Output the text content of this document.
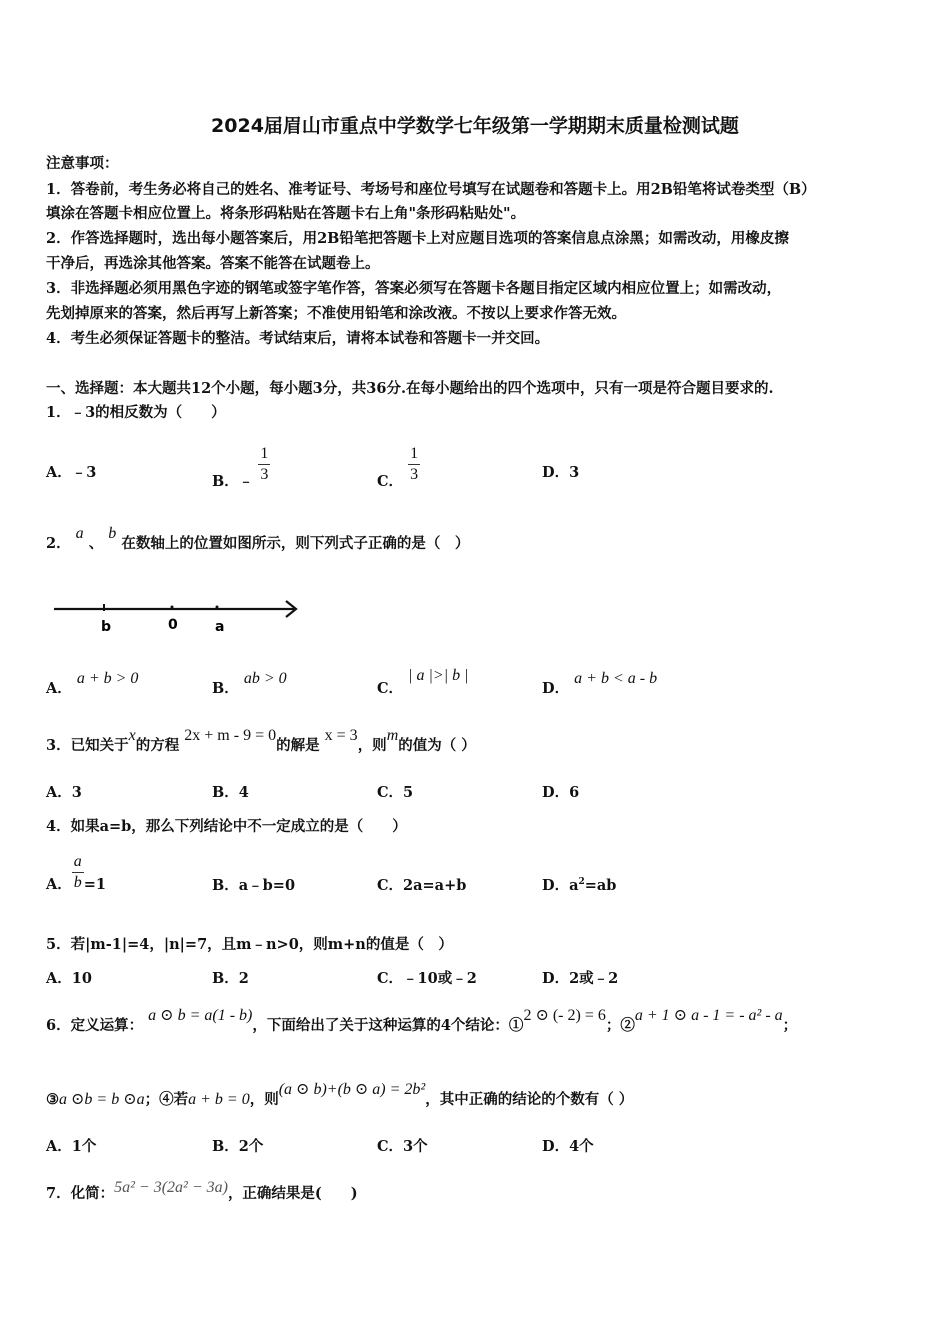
2024届眉山市重点中学数学七年级第一学期期末质量检测试题
注意事项：
1．答卷前，考生务必将自己的姓名、准考证号、考场号和座位号填写在试题卷和答题卡上。用2B铅笔将试卷类型（B）
填涂在答题卡相应位置上。将条形码粘贴在答题卡右上角"条形码粘贴处"。
2．作答选择题时，选出每小题答案后，用2B铅笔把答题卡上对应题目选项的答案信息点涂黑；如需改动，用橡皮擦
干净后，再选涂其他答案。答案不能答在试题卷上。
3．非选择题必须用黑色字迹的钢笔或签字笔作答，答案必须写在答题卡各题目指定区域内相应位置上；如需改动，
先划掉原来的答案，然后再写上新答案；不准使用铅笔和涂改液。不按以上要求作答无效。
4．考生必须保证答题卡的整洁。考试结束后，请将本试卷和答题卡一并交回。
一、选择题：本大题共12个小题，每小题3分，共36分.在每小题给出的四个选项中，只有一项是符合题目要求的.
1．﹣3的相反数为（　　）
A．﹣3	B．﹣ $\frac{1}{3}$	C． $\frac{1}{3}$	D．3
2． a 、 b 在数轴上的位置如图所示，则下列式子正确的是（　）
b	0	a
A． a + b > 0
B． ab > 0
C． | a |>| b |
D． a + b < a - b
3．已知关于x的方程 2x + m - 9 = 0的解是 x = 3，则m的值为（ ）
A．3	B．4	C．5	D．6
4．如果a=b，那么下列结论中不一定成立的是（　　）
A． $\frac{a}{b} =1$	B．a﹣b=0	C．2a=a+b	D．$a^2=ab$
5．若|m-1|=4，|n|=7，且m﹣n>0，则m+n的值是（　）
A．10	B．2	C．﹣10或﹣2	D．2或﹣2
6．定义运算： a ⊙ b = a(1 - b)，下面给出了关于这种运算的4个结论：①2 ⊙ (- 2) = 6；②a + 1 ⊙ a - 1 = - a² - a；
③a ⊙b = b ⊙a；④若a + b = 0，则(a ⊙ b)+(b ⊙ a) = 2b²，其中正确的结论的个数有（ ）
A．1个	B．2个	C．3个	D．4个
7．化简：5a² − 3(2a² − 3a)，正确结果是(　　)
